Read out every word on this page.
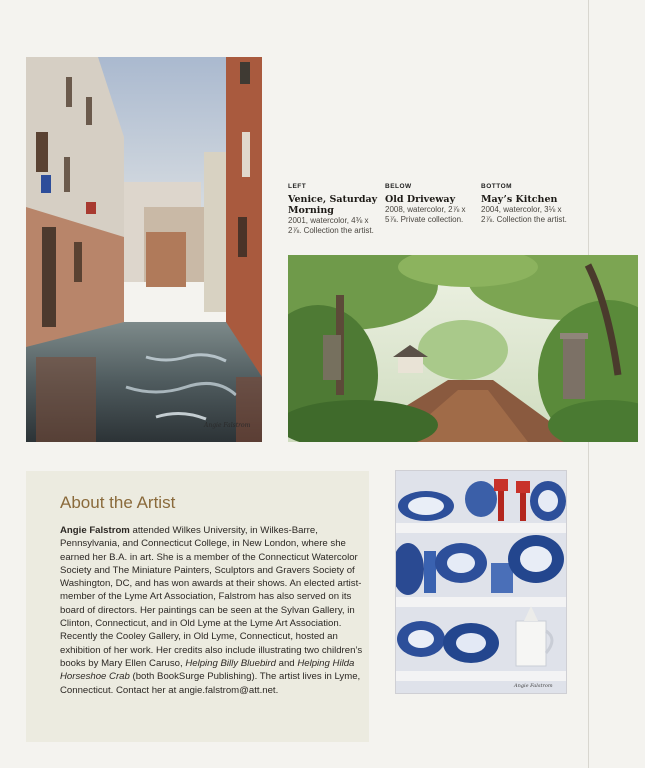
Angie Falstrom
LEFT
Venice, Saturday Morning
2001, watercolor, 4⅜ x 2⅞. Collection the artist.
BELOW
Old Driveway
2008, watercolor, 2⅞ x 5⅞. Private collection.
BOTTOM
May’s Kitchen
2004, watercolor, 3⅛ x 2⅞. Collection the artist.
About the Artist

Angie Falstrom attended Wilkes University, in Wilkes-Barre, Pennsylvania, and Connecticut College, in New London, where she earned her B.A. in art. She is a member of the Connecticut Watercolor Society and The Miniature Painters, Sculptors and Gravers Society of Washington, DC, and has won awards at their shows. An elected artist-member of the Lyme Art Association, Falstrom has also served on its board of directors. Her paintings can be seen at the Sylvan Gallery, in Clinton, Connecticut, and in Old Lyme at the Lyme Art Association. Recently the Cooley Gallery, in Old Lyme, Connecticut, hosted an exhibition of her work. Her credits also include illustrating two children’s books by Mary Ellen Caruso, Helping Billy Bluebird and Helping Hilda Horseshoe Crab (both BookSurge Publishing). The artist lives in Lyme, Connecticut. Contact her at angie.falstrom@att.net.	Angie Falstrom
